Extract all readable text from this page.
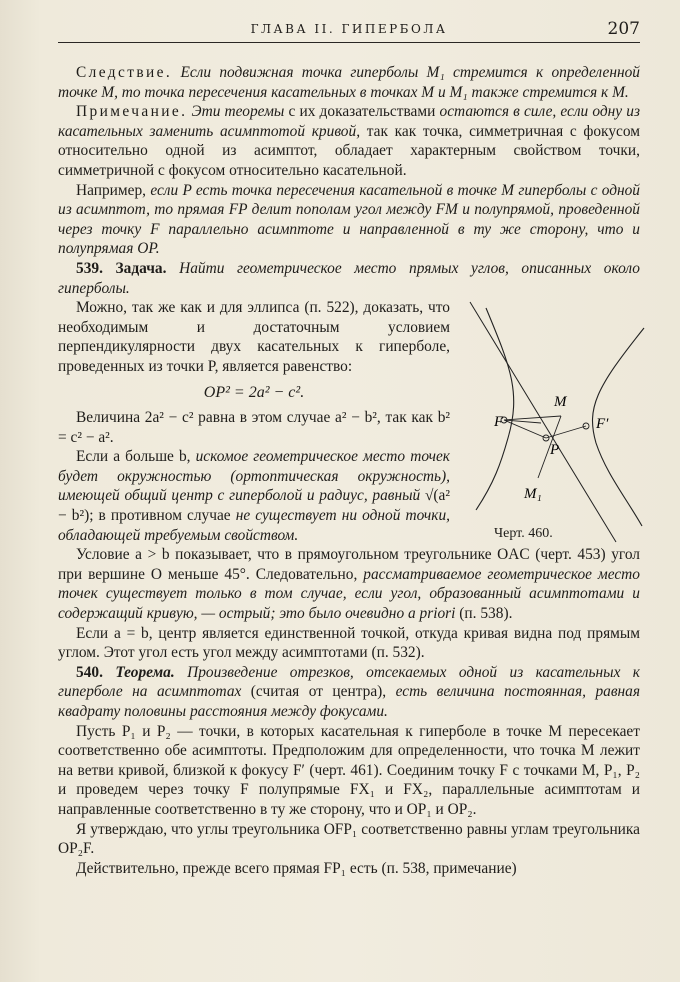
ГЛАВА II. ГИПЕРБОЛА	207

Следствие. Если подвижная точка гиперболы M₁ стремится к определенной точке M, то точка пересечения касательных в точках M и M₁ также стремится к M.

Примечание. Эти теоремы с их доказательствами остаются в силе, если одну из касательных заменить асимптотой кривой, так как точка, симметричная с фокусом относительно одной из асимптот, обладает характерным свойством точки, симметричной с фокусом относительно касательной.

Например, если P есть точка пересечения касательной в точке M гиперболы с одной из асимптот, то прямая FP делит пополам угол между FM и полупрямой, проведенной через точку F параллельно асимптоте и направленной в ту же сторону, что и полупрямая OP.

539. Задача. Найти геометрическое место прямых углов, описанных около гиперболы.

F	F′
P
M
M₁
Черт. 460.

Можно, так же как и для эллипса (п. 522), доказать, что необходимым и достаточным условием перпендикулярности двух касательных к гиперболе, проведенных из точки P, является равенство:

OP² = 2a² − c².

Величина 2a² − c² равна в этом случае a² − b², так как b² = c² − a².

Если a больше b, искомое геометрическое место точек будет окружностью (ортоптическая окружность), имеющей общий центр с гиперболой и радиус, равный √(a² − b²); в противном случае не существует ни одной точки, обладающей требуемым свойством.

Условие a > b показывает, что в прямоугольном треугольнике OAC (черт. 453) угол при вершине O меньше 45°. Следовательно, рассматриваемое геометрическое место точек существует только в том случае, если угол, образованный асимптотами и содержащий кривую, — острый; это было очевидно a priori (п. 538).

Если a = b, центр является единственной точкой, откуда кривая видна под прямым углом. Этот угол есть угол между асимптотами (п. 532).

540. Теорема. Произведение отрезков, отсекаемых одной из касательных к гиперболе на асимптотах (считая от центра), есть величина постоянная, равная квадрату половины расстояния между фокусами.

Пусть P₁ и P₂ — точки, в которых касательная к гиперболе в точке M пересекает соответственно обе асимптоты. Предположим для определенности, что точка M лежит на ветви кривой, близкой к фокусу F′ (черт. 461). Соединим точку F с точками M, P₁, P₂ и проведем через точку F полупрямые FX₁ и FX₂, параллельные асимптотам и направленные соответственно в ту же сторону, что и OP₁ и OP₂.

Я утверждаю, что углы треугольника OFP₁ соответственно равны углам треугольника OP₂F.

Действительно, прежде всего прямая FP₁ есть (п. 538, примечание)
